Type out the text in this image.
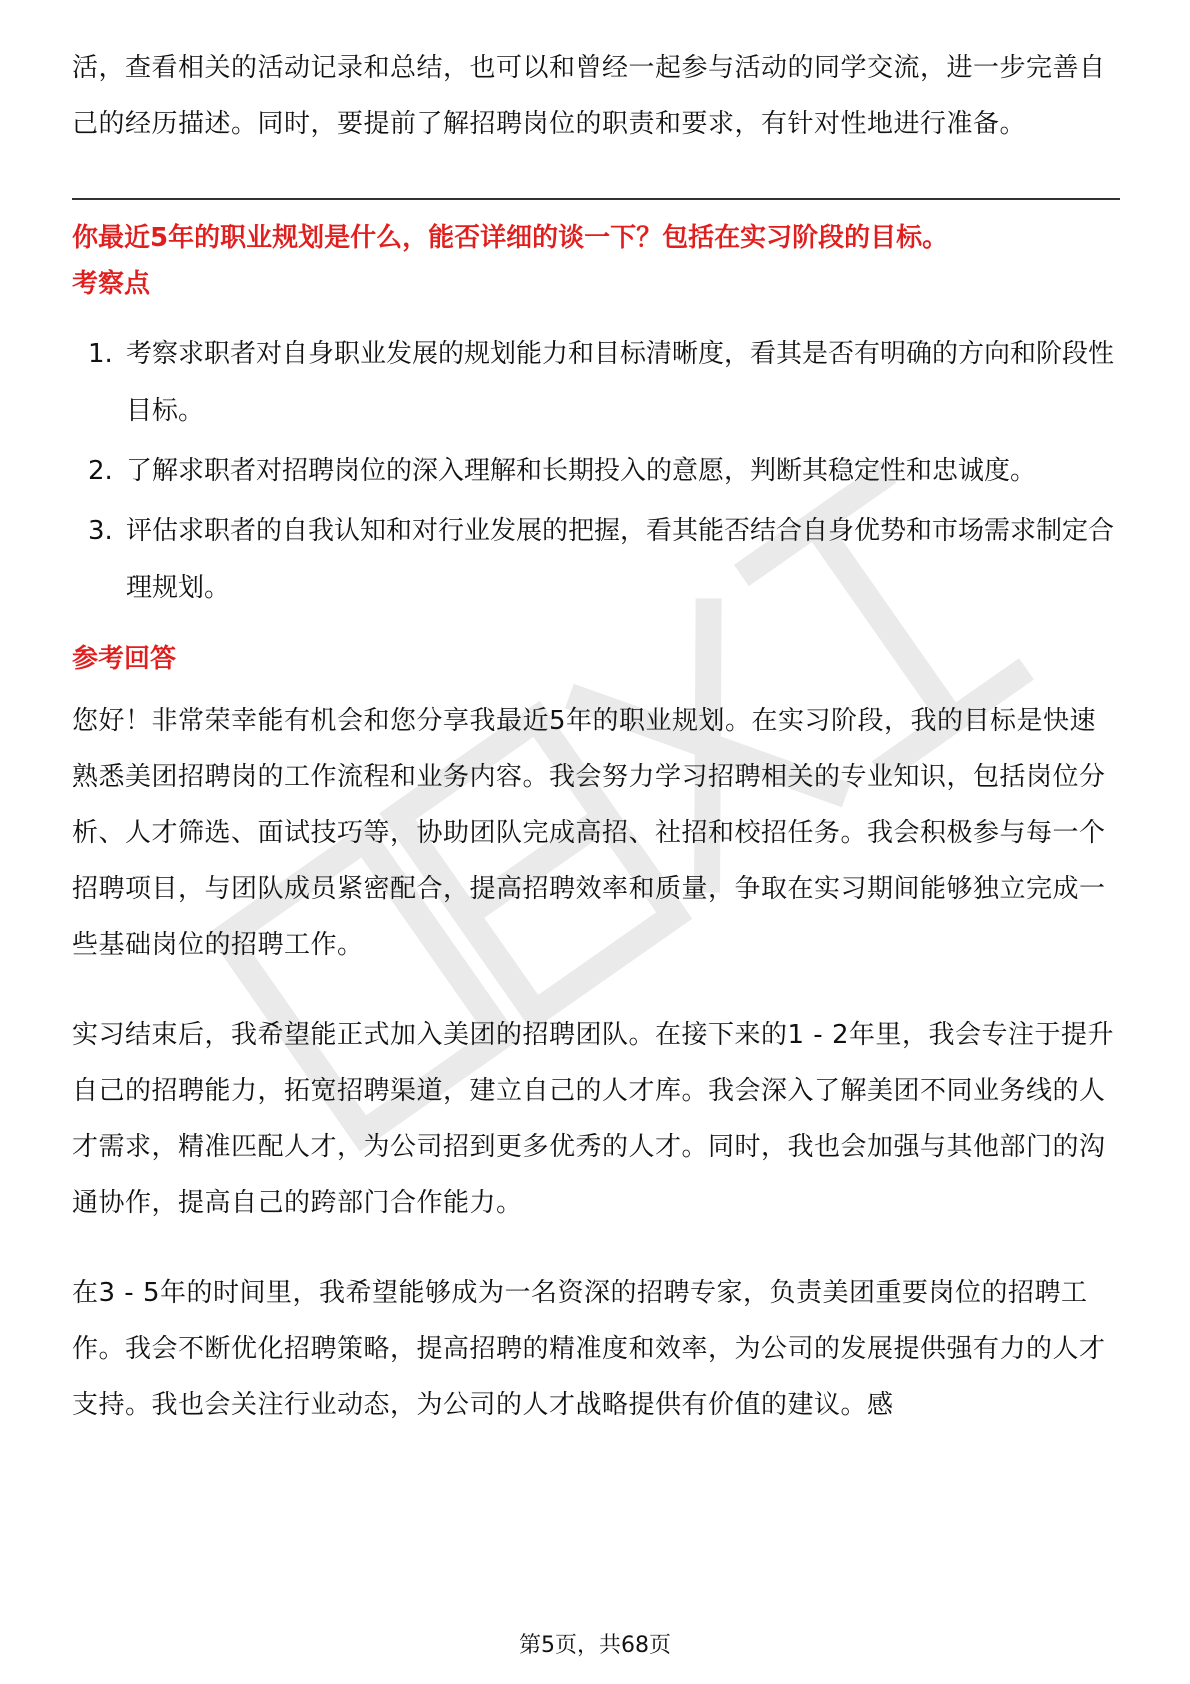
活，查看相关的活动记录和总结，也可以和曾经一起参与活动的同学交流，进一步完善自己的经历描述。同时，要提前了解招聘岗位的职责和要求，有针对性地进行准备。

你最近5年的职业规划是什么，能否详细的谈一下？包括在实习阶段的目标。
考察点
1. 考察求职者对自身职业发展的规划能力和目标清晰度，看其是否有明确的方向和阶段性目标。
2. 了解求职者对招聘岗位的深入理解和长期投入的意愿，判断其稳定性和忠诚度。
3. 评估求职者的自我认知和对行业发展的把握，看其能否结合自身优势和市场需求制定合理规划。
参考回答

您好！非常荣幸能有机会和您分享我最近5年的职业规划。在实习阶段，我的目标是快速熟悉美团招聘岗的工作流程和业务内容。我会努力学习招聘相关的专业知识，包括岗位分析、人才筛选、面试技巧等，协助团队完成高招、社招和校招任务。我会积极参与每一个招聘项目，与团队成员紧密配合，提高招聘效率和质量，争取在实习期间能够独立完成一些基础岗位的招聘工作。

实习结束后，我希望能正式加入美团的招聘团队。在接下来的1 - 2年里，我会专注于提升自己的招聘能力，拓宽招聘渠道，建立自己的人才库。我会深入了解美团不同业务线的人才需求，精准匹配人才，为公司招到更多优秀的人才。同时，我也会加强与其他部门的沟通协作，提高自己的跨部门合作能力。

在3 - 5年的时间里，我希望能够成为一名资深的招聘专家，负责美团重要岗位的招聘工作。我会不断优化招聘策略，提高招聘的精准度和效率，为公司的发展提供强有力的人才支持。我也会关注行业动态，为公司的人才战略提供有价值的建议。感

第5页，共68页
